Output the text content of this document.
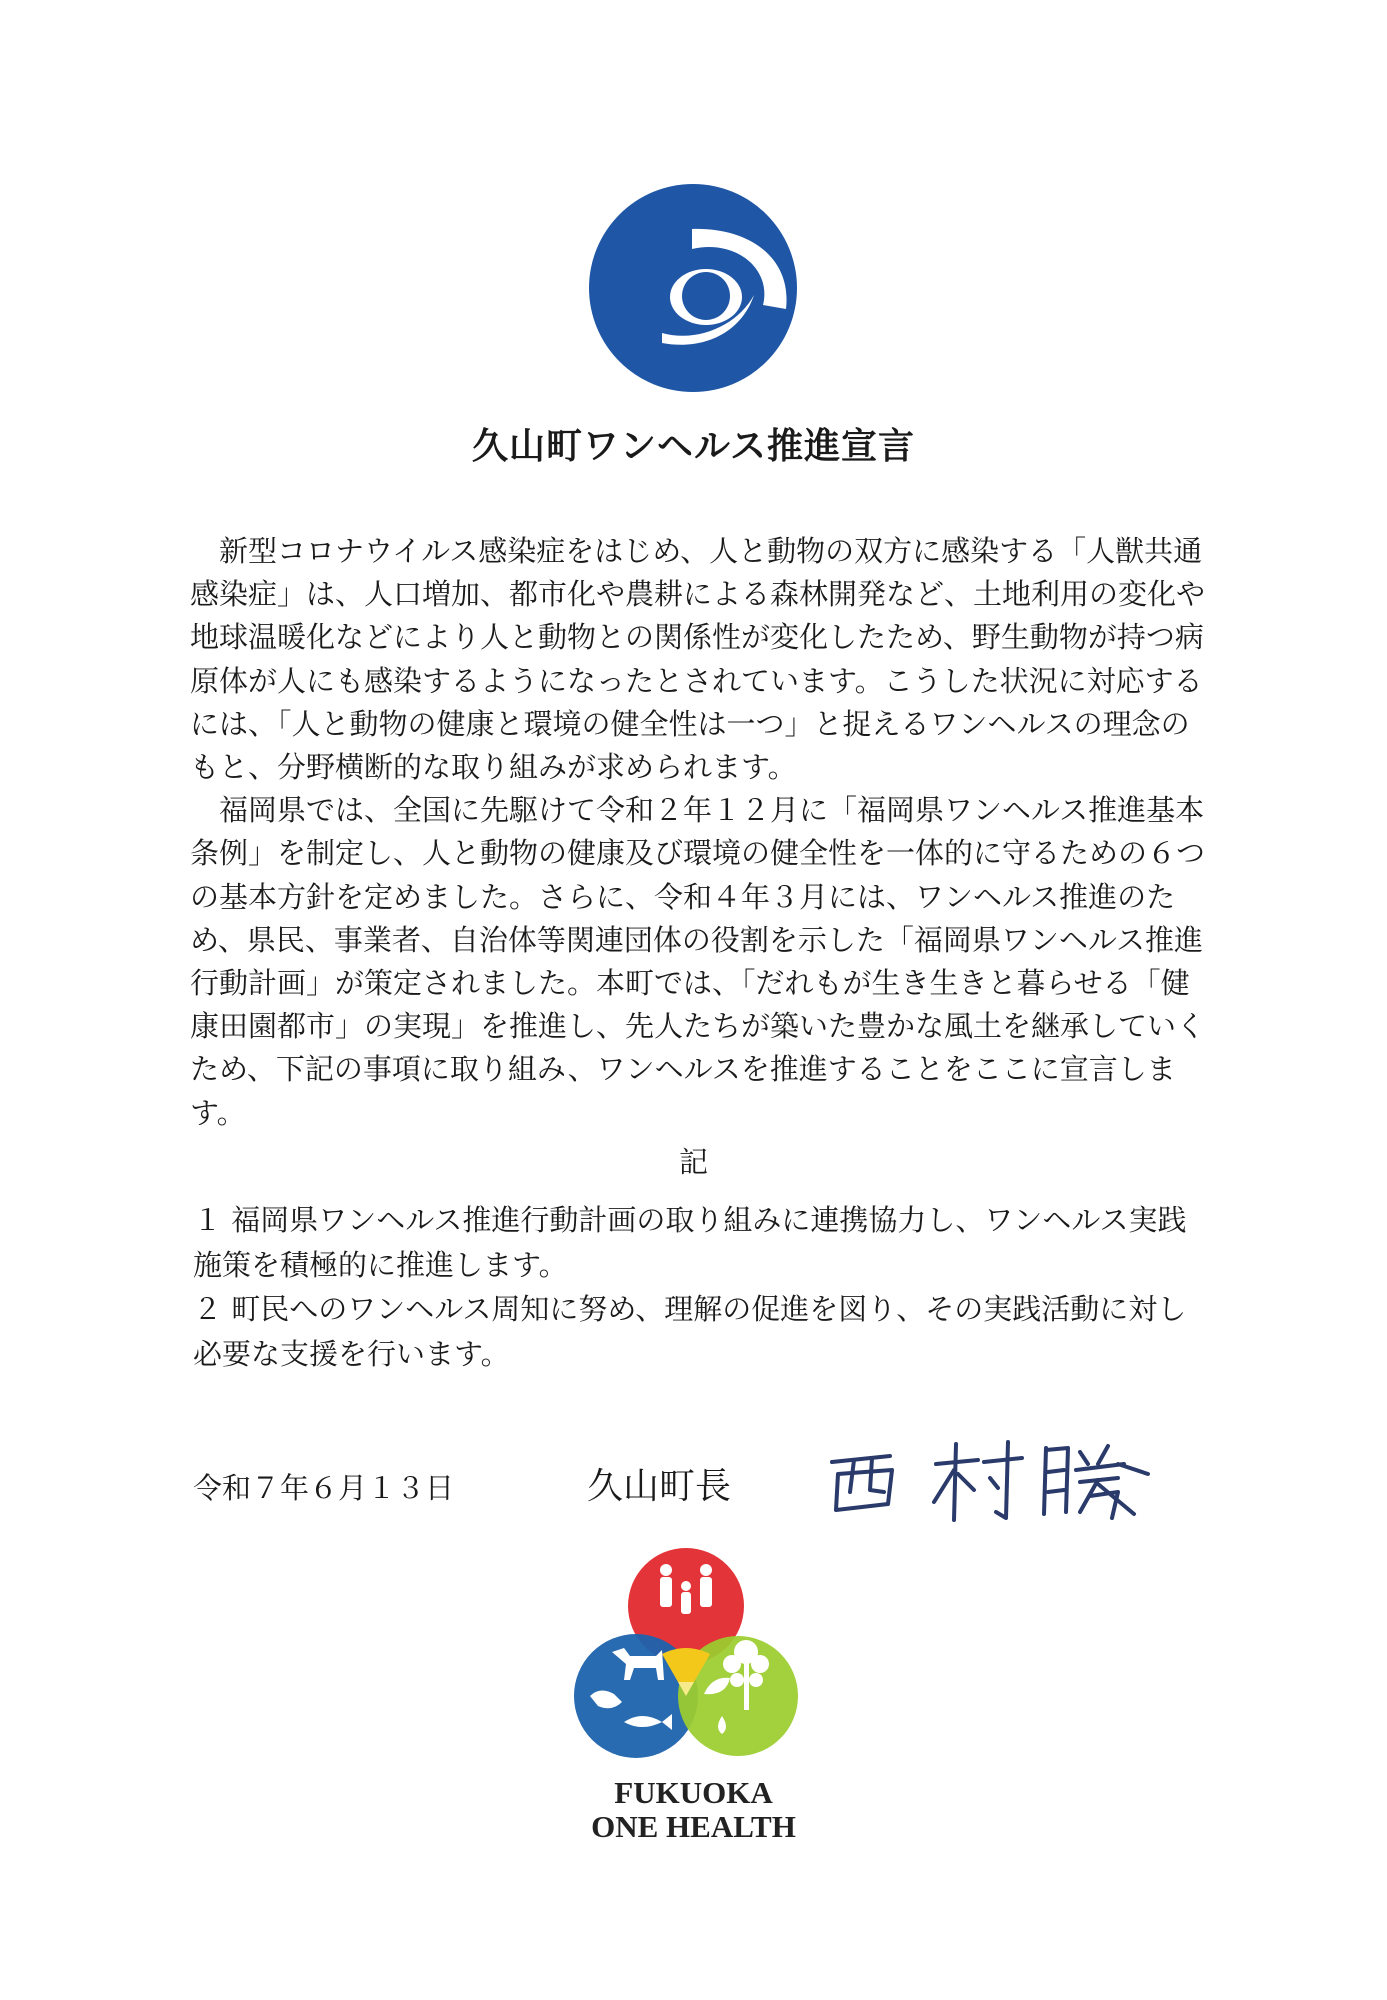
久山町ワンヘルス推進宣言

新型コロナウイルス感染症をはじめ、人と動物の双方に感染する「人獣共通
感染症」は、人口増加、都市化や農耕による森林開発など、土地利用の変化や
地球温暖化などにより人と動物との関係性が変化したため、野生動物が持つ病
原体が人にも感染するようになったとされています。こうした状況に対応する
には、「人と動物の健康と環境の健全性は一つ」と捉えるワンヘルスの理念の
もと、分野横断的な取り組みが求められます。

福岡県では、全国に先駆けて令和２年１２月に「福岡県ワンヘルス推進基本
条例」を制定し、人と動物の健康及び環境の健全性を一体的に守るための６つ
の基本方針を定めました。さらに、令和４年３月には、ワンヘルス推進のた
め、県民、事業者、自治体等関連団体の役割を示した「福岡県ワンヘルス推進
行動計画」が策定されました。本町では、「だれもが生き生きと暮らせる「健
康田園都市」の実現」を推進し、先人たちが築いた豊かな風土を継承していく
ため、下記の事項に取り組み、ワンヘルスを推進することをここに宣言しま
す。

記
１ 福岡県ワンヘルス推進行動計画の取り組みに連携協力し、ワンヘルス実践
施策を積極的に推進します。
２ 町民へのワンヘルス周知に努め、理解の促進を図り、その実践活動に対し
必要な支援を行います。
令和７年６月１３日	久山町長
FUKUOKA
ONE HEALTH
